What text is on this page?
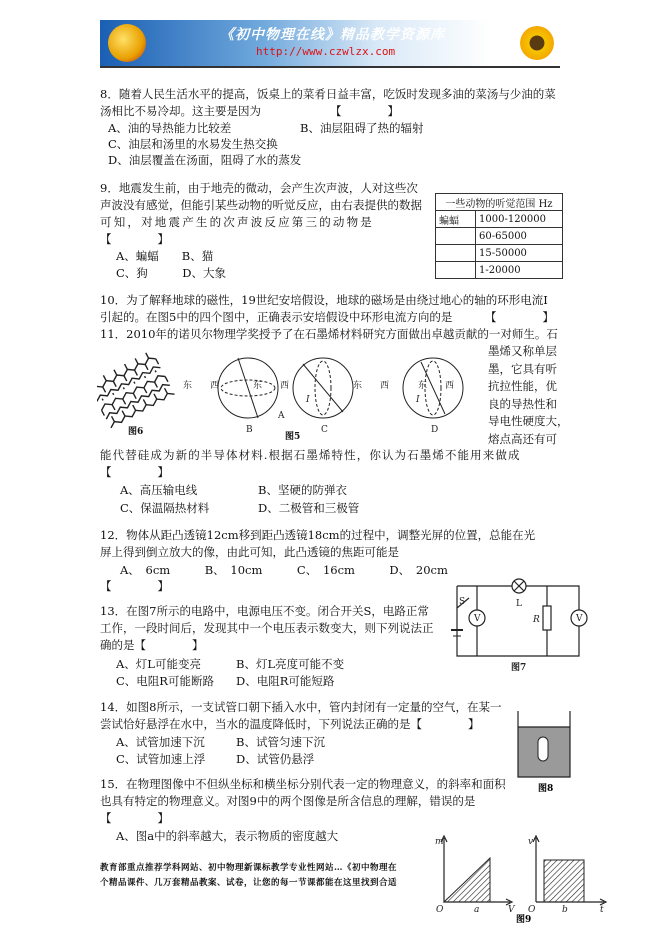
《初中物理在线》精品教学资源库
http://www.czwlzx.com
8．随着人民生活水平的提高，饭桌上的菜肴日益丰富，吃饭时发现多油的菜汤与少油的菜
汤相比不易冷却。这主要是因为	【　　　　】
A、油的导热能力比较差	B、油层阻碍了热的辐射
C、油层和汤里的水易发生热交换
D、油层覆盖在汤面，阻碍了水的蒸发
9．地震发生前，由于地壳的微动，会产生次声波，人对这些次
声波没有感觉，但能引某些动物的听觉反应，由右表提供的数据
可知，对地震产生的次声波反应第三的动物是
【　　　　】
A、蝙蝠　　B、猫
C、狗　　　D、大象
一些动物的听觉范围 Hz	
蝙蝠	1000-120000
	60-65000
	15-50000
	1-20000
10．为了解释地球的磁性，19世纪安培假设，地球的磁场是由绕过地心的轴的环形电流I
引起的。在图5中的四个图中，正确表示安培假设中环形电流方向的是	【　　　　】
11．2010年的诺贝尔物理学奖授予了在石墨烯材料研究方面做出卓越贡献的一对师生。石
墨烯又称单层
墨，它具有听
抗拉性能，优
良的导热性和
导电性硬度大，
熔点高还有可
图6
东 西	东 西	东 西	东 西
B	C	D
A
I	I
图5
能代替硅成为新的半导体材料.根据石墨烯特性，你认为石墨烯不能用来做成
【　　　　】
A、高压输电线	B、坚硬的防弹衣
C、保温隔热材料	D、二极管和三极管
12．物体从距凸透镜12cm移到距凸透镜18cm的过程中，调整光屏的位置，总能在光
屏上得到倒立放大的像，由此可知，此凸透镜的焦距可能是
A、　6cm　　　B、　10cm　　　C、　16cm　　　D、　20cm
【　　　　】
13．在图7所示的电路中，电源电压不变。闭合开关S，电路正常
工作，一段时间后，发现其中一个电压表示数变大，则下列说法正
确的是【　　　　】
A、灯L可能变亮	B、灯L亮度可能不变
C、电阻R可能断路 D、电阻R可能短路
S	L
R
V	V
图7
14．如图8所示，一支试管口朝下插入水中，管内封闭有一定量的空气，在某一
尝试恰好悬浮在水中，当水的温度降低时，下列说法正确的是【　　　　】
A、试管加速下沉	B、试管匀速下沉
C、试管加速上浮	D、试管仍悬浮
图8
15．在物理图像中不但纵坐标和横坐标分别代表一定的物理意义，的斜率和面积
也具有特定的物理意义。对图9中的两个图像是所含信息的理解，错误的是
【　　　　】
A、图a中的斜率越大，表示物质的密度越大	m	v
V	t
O	O
a	b
图9
教育部重点推荐学科网站、初中物理新课标教学专业性网站…《初中物理在
个精品课件、几万套精品教案、试卷，让您的每一节课都能在这里找到合适
